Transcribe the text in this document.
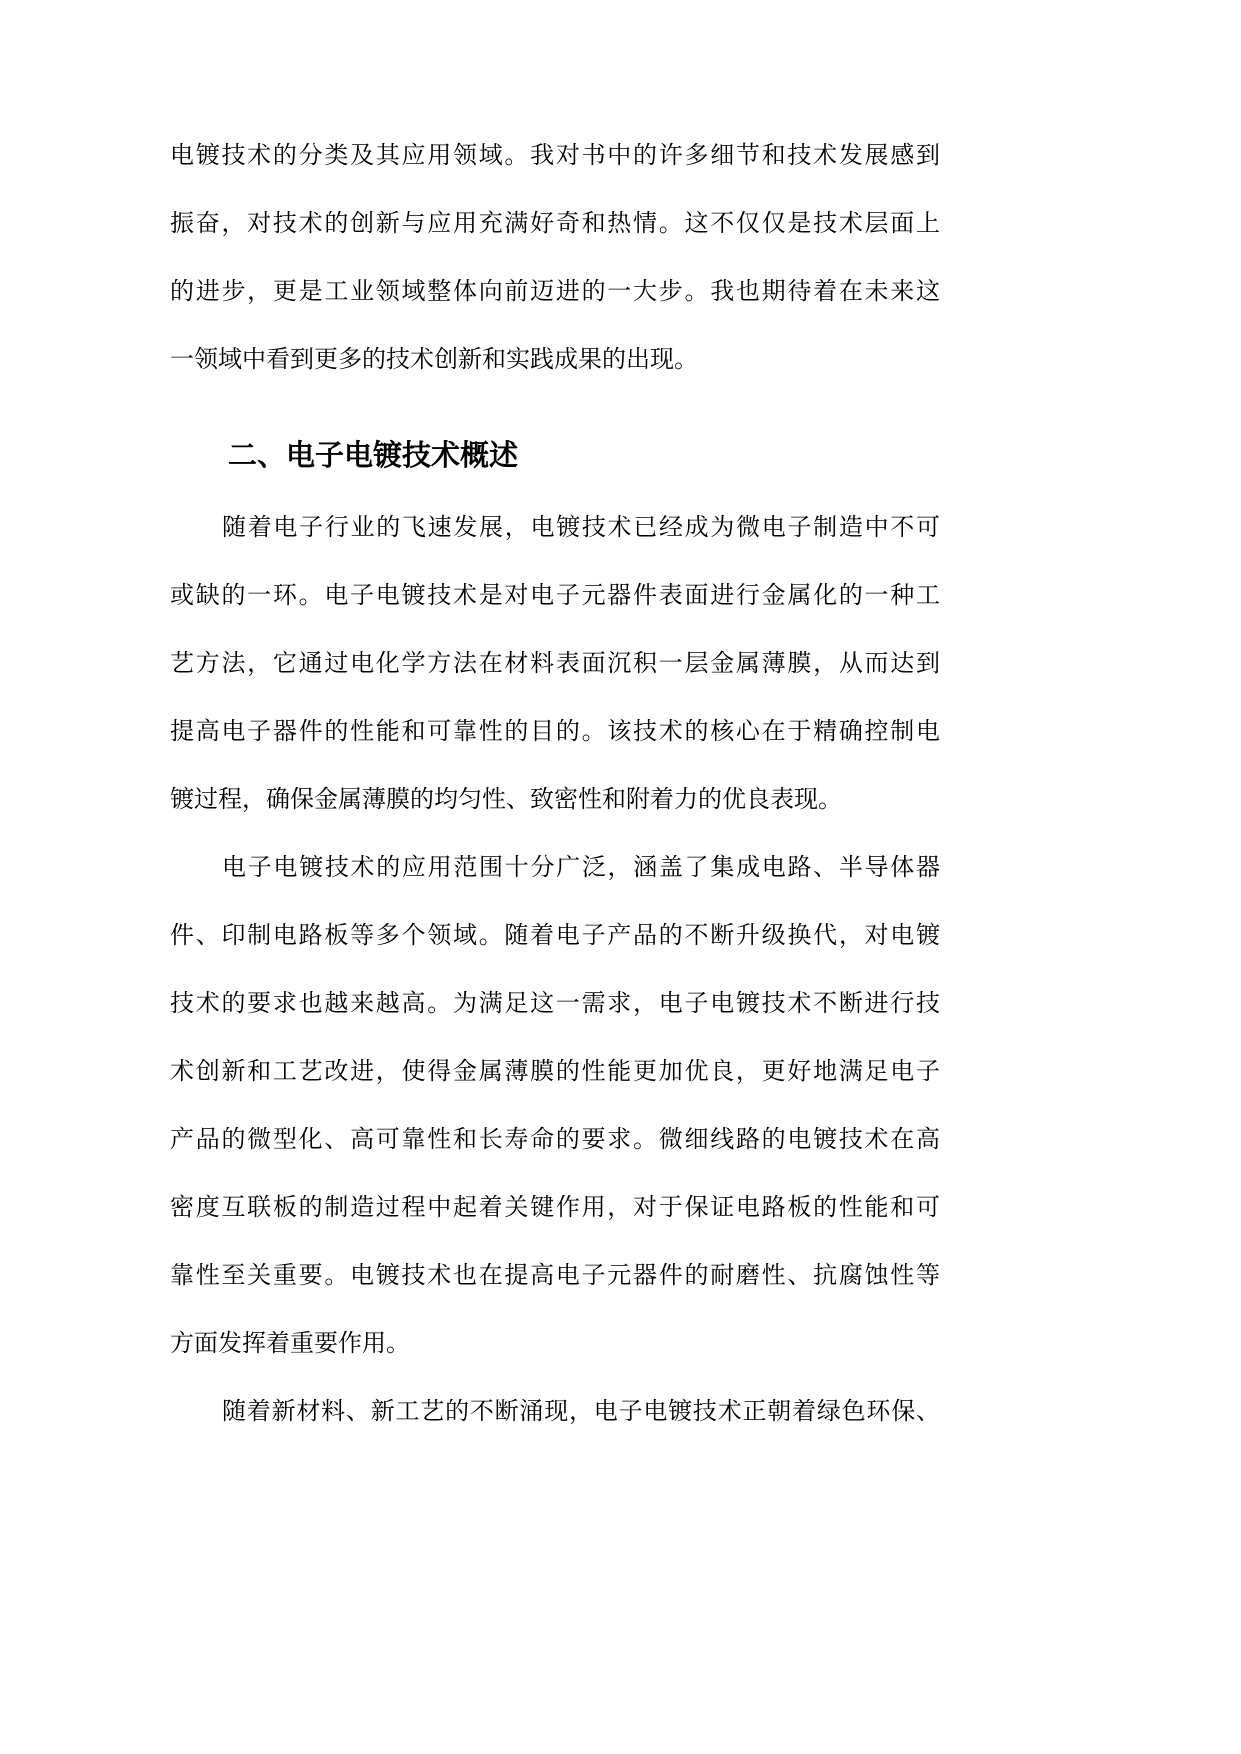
电镀技术的分类及其应用领域。我对书中的许多细节和技术发展感到
振奋，对技术的创新与应用充满好奇和热情。这不仅仅是技术层面上
的进步，更是工业领域整体向前迈进的一大步。我也期待着在未来这
一领域中看到更多的技术创新和实践成果的出现。
二、电子电镀技术概述
随着电子行业的飞速发展，电镀技术已经成为微电子制造中不可
或缺的一环。电子电镀技术是对电子元器件表面进行金属化的一种工
艺方法，它通过电化学方法在材料表面沉积一层金属薄膜，从而达到
提高电子器件的性能和可靠性的目的。该技术的核心在于精确控制电
镀过程，确保金属薄膜的均匀性、致密性和附着力的优良表现。
电子电镀技术的应用范围十分广泛，涵盖了集成电路、半导体器
件、印制电路板等多个领域。随着电子产品的不断升级换代，对电镀
技术的要求也越来越高。为满足这一需求，电子电镀技术不断进行技
术创新和工艺改进，使得金属薄膜的性能更加优良，更好地满足电子
产品的微型化、高可靠性和长寿命的要求。微细线路的电镀技术在高
密度互联板的制造过程中起着关键作用，对于保证电路板的性能和可
靠性至关重要。电镀技术也在提高电子元器件的耐磨性、抗腐蚀性等
方面发挥着重要作用。
随着新材料、新工艺的不断涌现，电子电镀技术正朝着绿色环保、
